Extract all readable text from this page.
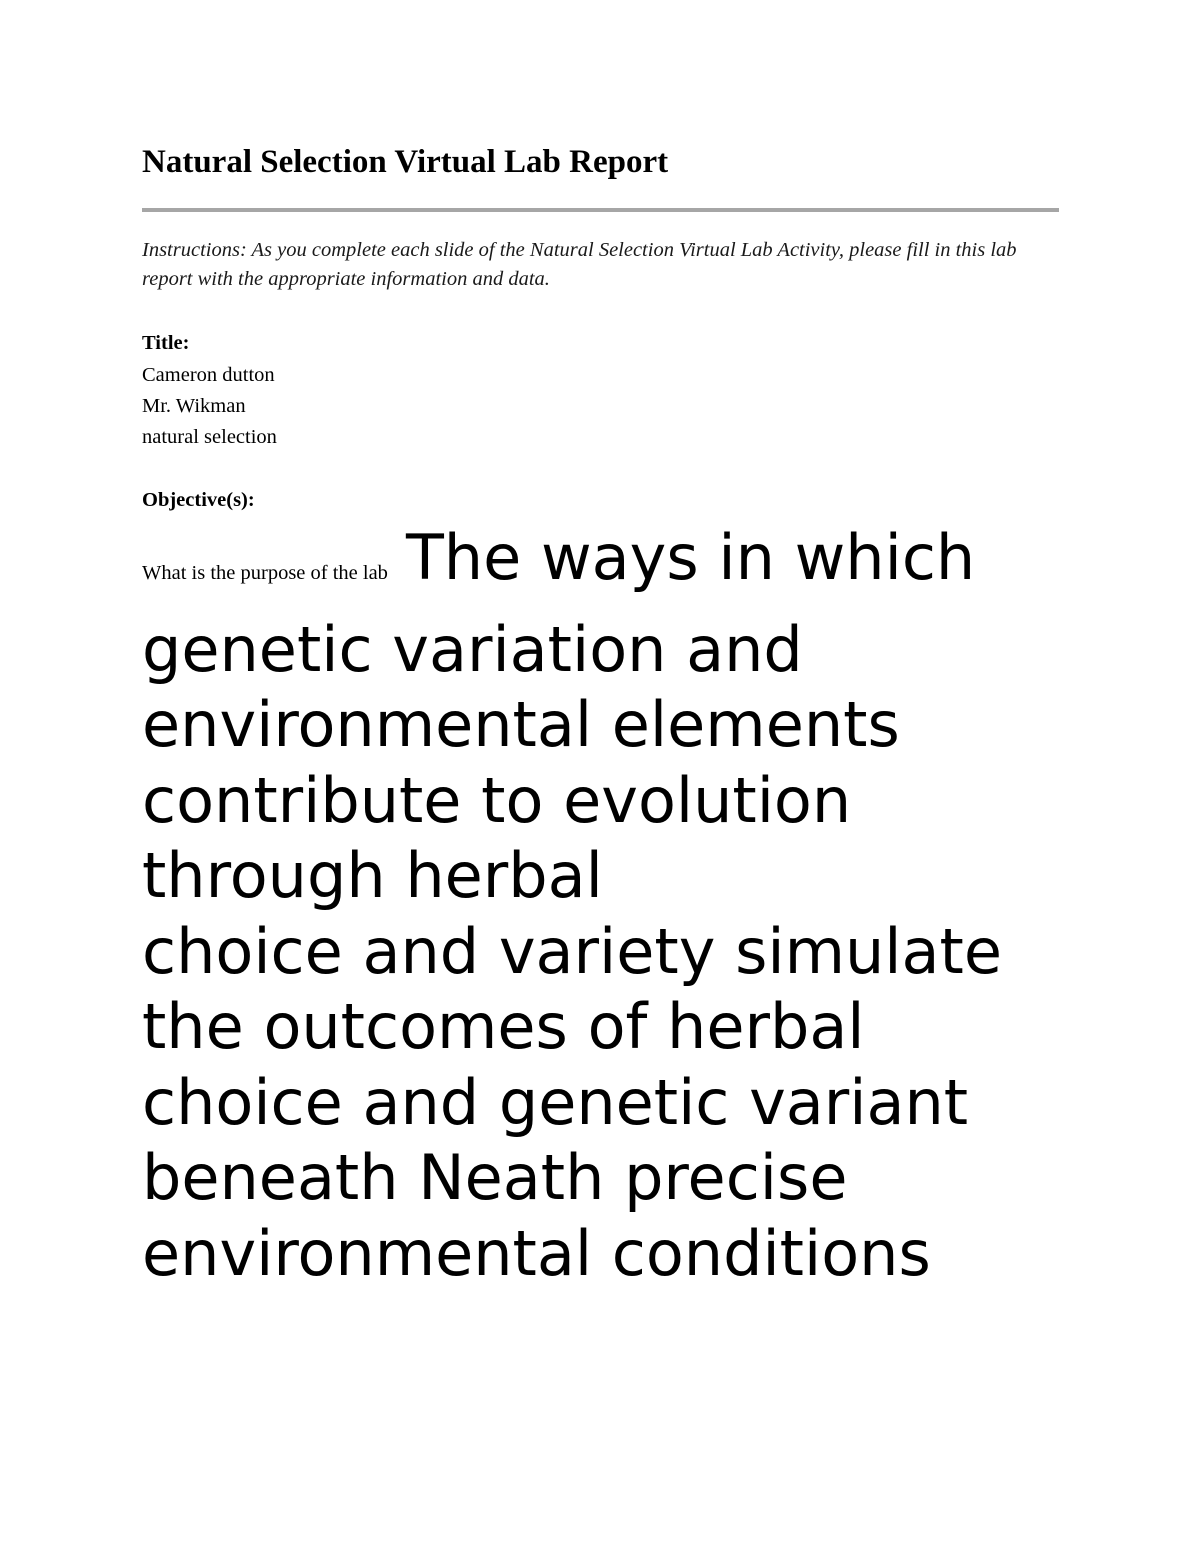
Natural Selection Virtual Lab Report

Instructions: As you complete each slide of the Natural Selection Virtual Lab Activity, please fill in this lab report with the appropriate information and data.

Title:

Cameron dutton
Mr. Wikman
natural selection

Objective(s):

What is the purpose of the lab The ways in which
genetic variation and
environmental elements
contribute to evolution
through herbal
choice and variety simulate
the outcomes of herbal
choice and genetic variant
beneath Neath precise
environmental conditions
